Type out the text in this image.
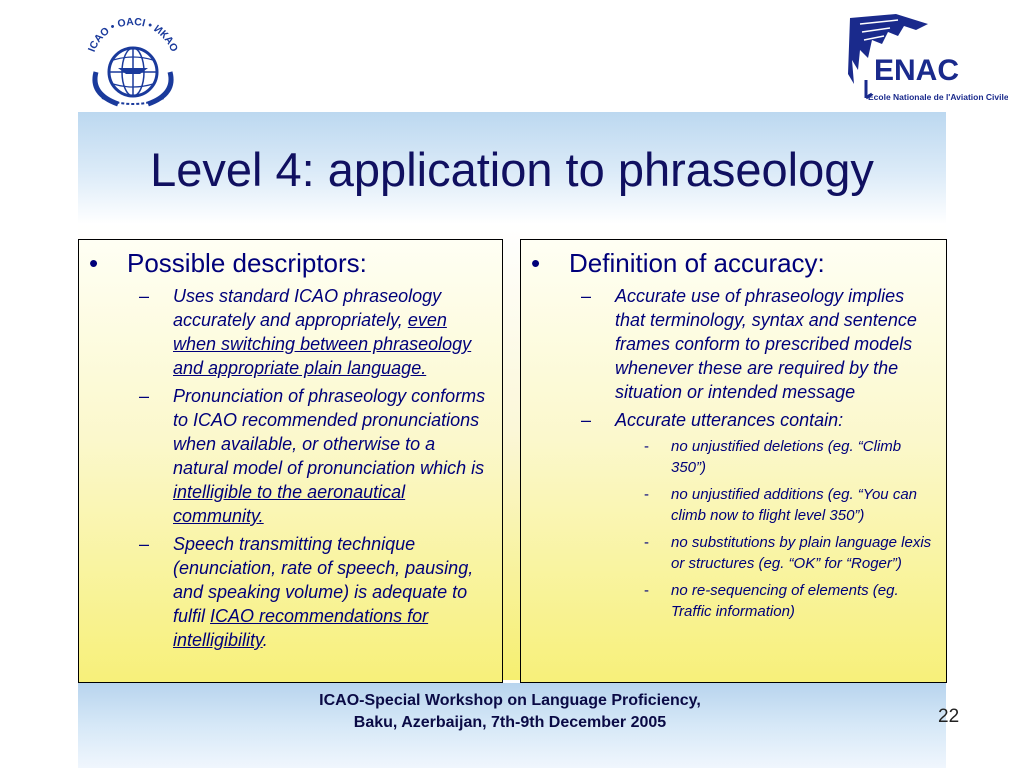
ICAO • OACI • ИКАО
ENAC
Ecole Nationale de l'Aviation Civile
Level 4: application to phraseology
• Possible descriptors:
– Uses standard ICAO phraseology accurately and appropriately, even when switching between phraseology and appropriate plain language.
– Pronunciation of phraseology conforms to ICAO recommended pronunciations when available, or otherwise to a natural model of pronunciation which is intelligible to the aeronautical community.
– Speech transmitting technique (enunciation, rate of speech, pausing, and speaking volume) is adequate to fulfil ICAO recommendations for intelligibility.
• Definition of accuracy:
– Accurate use of phraseology implies that terminology, syntax and sentence frames conform to prescribed models whenever these are required by the situation or intended message
– Accurate utterances contain:
- no unjustified deletions (eg. “Climb 350”)
- no unjustified additions (eg. “You can climb now to flight level 350”)
- no substitutions by plain language lexis or structures (eg. “OK” for “Roger”)
- no re-sequencing of elements (eg. Traffic information)
ICAO-Special Workshop on Language Proficiency,
Baku, Azerbaijan, 7th-9th December 2005	22
